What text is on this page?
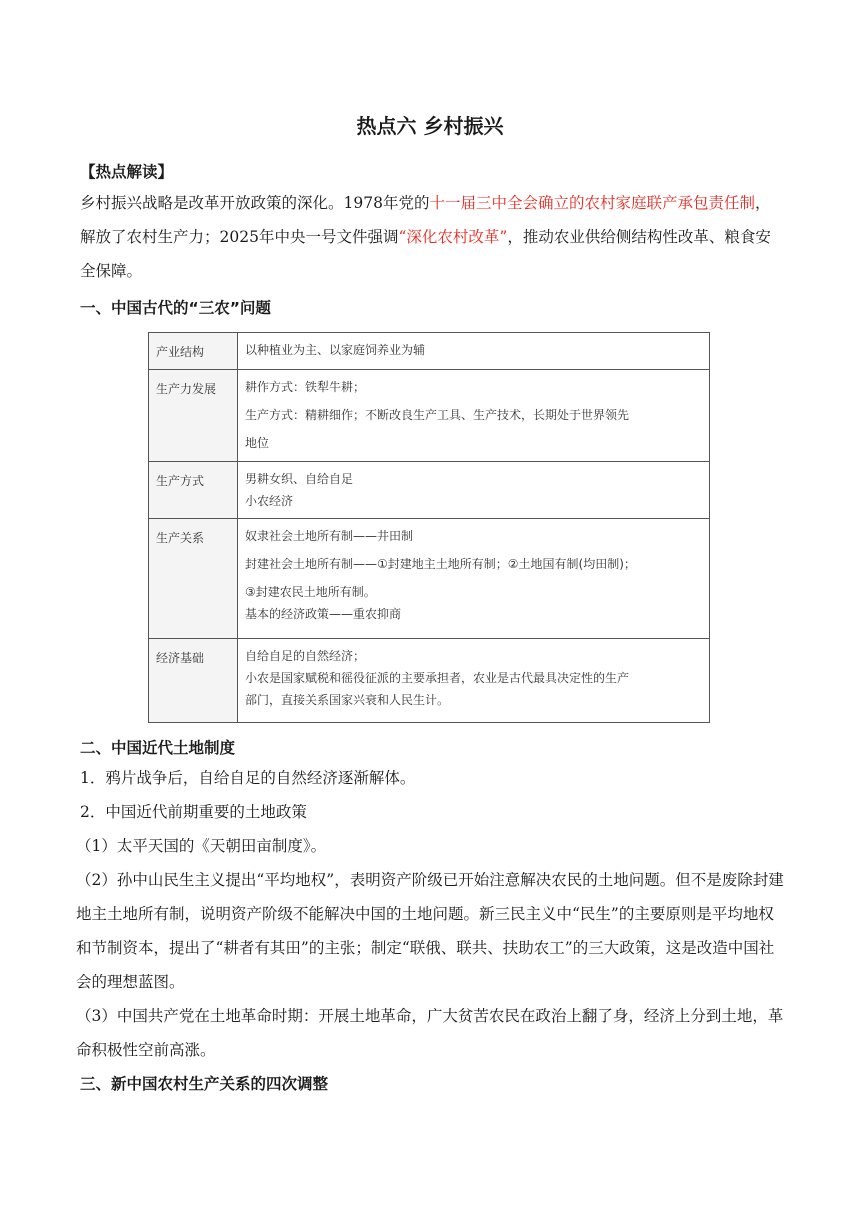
热点六 乡村振兴
【热点解读】
乡村振兴战略是改革开放政策的深化。1978年党的十一届三中全会确立的农村家庭联产承包责任制，解放了农村生产力；2025年中央一号文件强调“深化农村改革”，推动农业供给侧结构性改革、粮食安全保障。
一、中国古代的“三农”问题
产业结构	以种植业为主、以家庭饲养业为辅

生产力发展	耕作方式：铁犁牛耕；
生产方式：精耕细作；不断改良生产工具、生产技术，长期处于世界领先
地位

生产方式	男耕女织、自给自足
小农经济

生产关系	奴隶社会土地所有制——井田制
封建社会土地所有制——①封建地主土地所有制；②土地国有制(均田制)；
③封建农民土地所有制。
基本的经济政策——重农抑商

经济基础	自给自足的自然经济；
小农是国家赋税和徭役征派的主要承担者，农业是古代最具决定性的生产
部门，直接关系国家兴衰和人民生计。
二、中国近代土地制度
1．鸦片战争后，自给自足的自然经济逐渐解体。
2．中国近代前期重要的土地政策
（1）太平天国的《天朝田亩制度》。
（2）孙中山民生主义提出“平均地权”，表明资产阶级已开始注意解决农民的土地问题。但不是废除封建地主土地所有制，说明资产阶级不能解决中国的土地问题。新三民主义中“民生”的主要原则是平均地权和节制资本，提出了“耕者有其田”的主张；制定“联俄、联共、扶助农工”的三大政策，这是改造中国社会的理想蓝图。
（3）中国共产党在土地革命时期：开展土地革命，广大贫苦农民在政治上翻了身，经济上分到土地，革命积极性空前高涨。
三、新中国农村生产关系的四次调整
